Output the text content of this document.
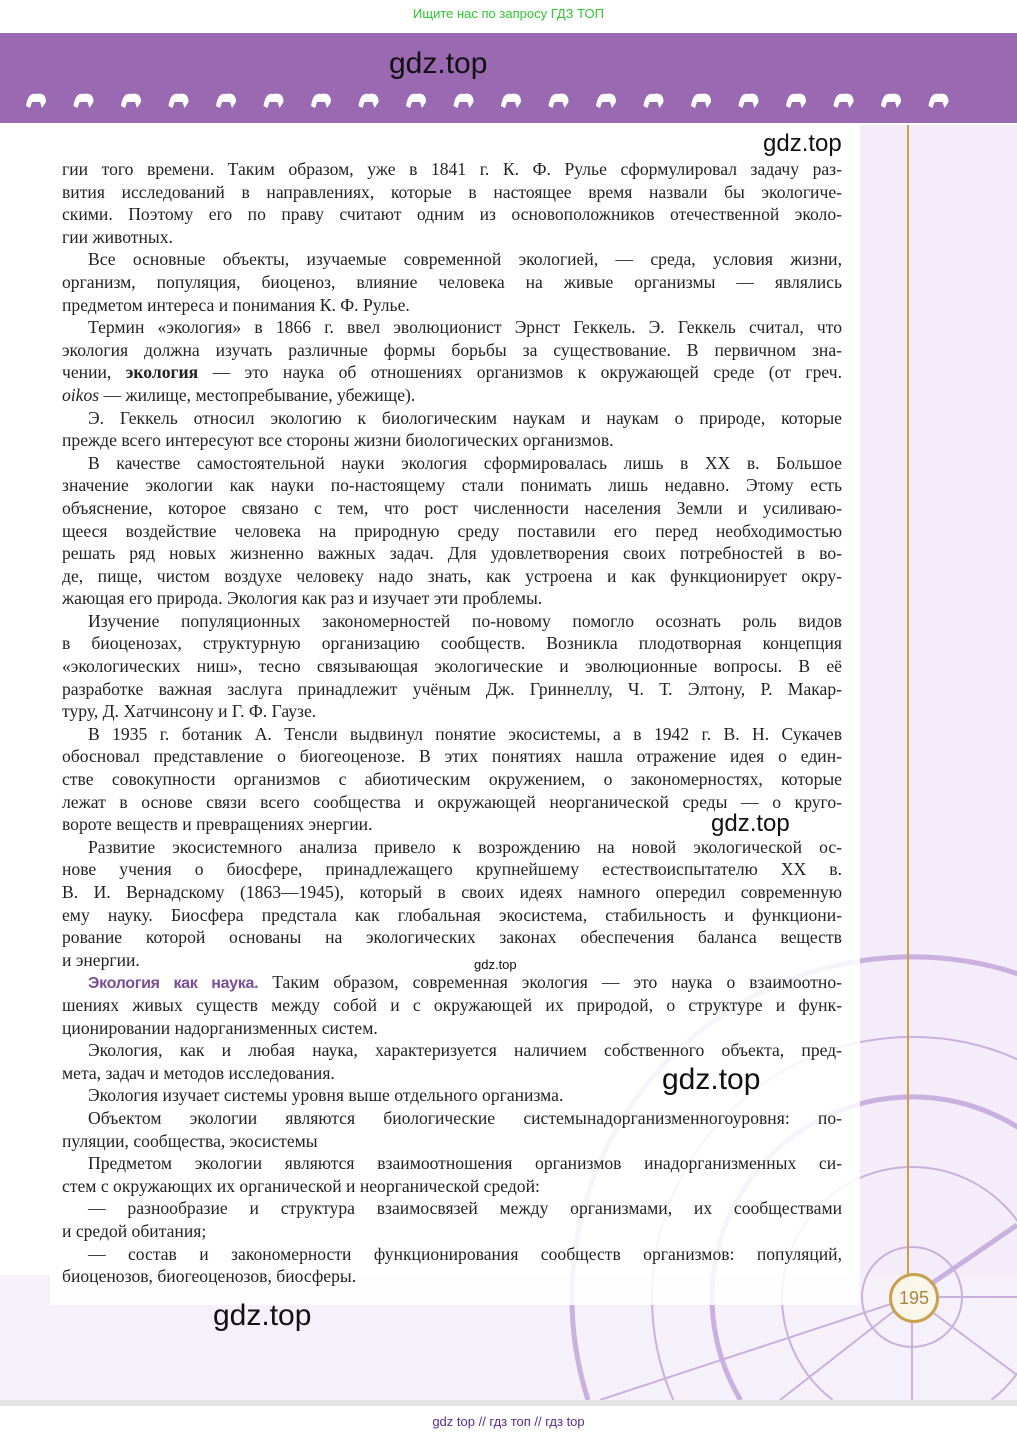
Ищите нас по запросу ГДЗ ТОП
gdz.top
гии того времени. Таким образом, уже в 1841 г. К. Ф. Рулье сформулировал задачу раз-
вития исследований в направлениях, которые в настоящее время назвали бы экологиче-
скими. Поэтому его по праву считают одним из основоположников отечественной эколо-
гии животных.
Все основные объекты, изучаемые современной экологией, — среда, условия жизни,
организм, популяция, биоценоз, влияние человека на живые организмы — являлись
предметом интереса и понимания К. Ф. Рулье.
Термин «экология» в 1866 г. ввел эволюционист Эрнст Геккель. Э. Геккель считал, что
экология должна изучать различные формы борьбы за существование. В первичном зна-
чении, экология — это наука об отношениях организмов к окружающей среде (от греч.
oikos — жилище, местопребывание, убежище).
Э. Геккель относил экологию к биологическим наукам и наукам о природе, которые
прежде всего интересуют все стороны жизни биологических организмов.
В качестве самостоятельной науки экология сформировалась лишь в XX в. Большое
значение экологии как науки по-настоящему стали понимать лишь недавно. Этому есть
объяснение, которое связано с тем, что рост численности населения Земли и усиливаю-
щееся воздействие человека на природную среду поставили его перед необходимостью
решать ряд новых жизненно важных задач. Для удовлетворения своих потребностей в во-
де, пище, чистом воздухе человеку надо знать, как устроена и как функционирует окру-
жающая его природа. Экология как раз и изучает эти проблемы.
Изучение популяционных закономерностей по-новому помогло осознать роль видов
в биоценозах, структурную организацию сообществ. Возникла плодотворная концепция
«экологических ниш», тесно связывающая экологические и эволюционные вопросы. В её
разработке важная заслуга принадлежит учёным Дж. Гриннеллу, Ч. Т. Элтону, Р. Макар-
туру, Д. Хатчинсону и Г. Ф. Гаузе.
В 1935 г. ботаник А. Тенсли выдвинул понятие экосистемы, а в 1942 г. В. Н. Сукачев
обосновал представление о биогеоценозе. В этих понятиях нашла отражение идея о един-
стве совокупности организмов с абиотическим окружением, о закономерностях, которые
лежат в основе связи всего сообщества и окружающей неорганической среды — о круго-
вороте веществ и превращениях энергии.
Развитие экосистемного анализа привело к возрождению на новой экологической ос-
нове учения о биосфере, принадлежащего крупнейшему естествоиспытателю XX в.
В. И. Вернадскому (1863—1945), который в своих идеях намного опередил современную
ему науку. Биосфера предстала как глобальная экосистема, стабильность и функциони-
рование которой основаны на экологических законах обеспечения баланса веществ
и энергии.
Экология как наука. Таким образом, современная экология — это наука о взаимоотно-
шениях живых существ между собой и с окружающей их природой, о структуре и функ-
ционировании надорганизменных систем.
Экология, как и любая наука, характеризуется наличием собственного объекта, пред-
мета, задач и методов исследования.
Экология изучает системы уровня выше отдельного организма.
Объектом экологии являются биологические системынадорганизменногоуровня: по-
пуляции, сообщества, экосистемы
Предметом экологии являются взаимоотношения организмов инадорганизменных си-
стем с окружающих их органической и неорганической средой:
— разнообразие и структура взаимосвязей между организмами, их сообществами
и средой обитания;
— состав и закономерности функционирования сообществ организмов: популяций,
биоценозов, биогеоценозов, биосферы.
gdz.top
gdz.top
gdz.top
gdz.top
gdz.top
195
gdz top // гдз топ // гдз top
